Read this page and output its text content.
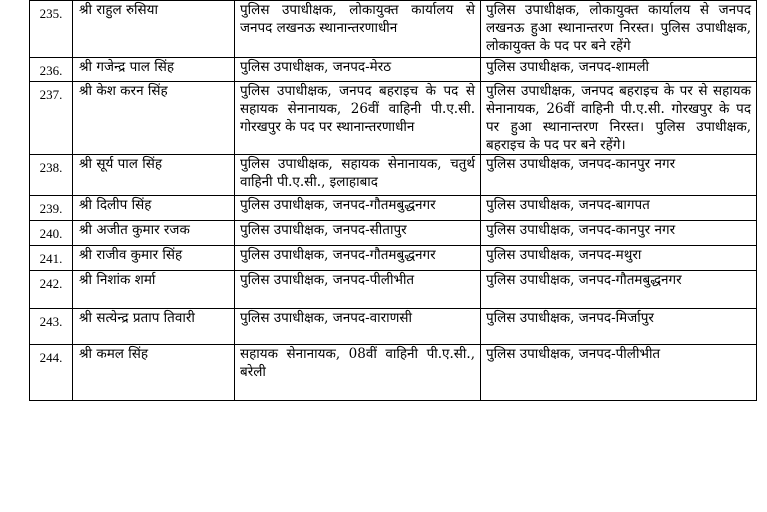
235.	श्री राहुल रुसिया	पुलिस उपाधीक्षक, लोकायुक्त कार्यालय से जनपद लखनऊ स्थानान्तरणाधीन	पुलिस उपाधीक्षक, लोकायुक्त कार्यालय से जनपद लखनऊ हुआ स्थानान्तरण निरस्त। पुलिस उपाधीक्षक, लोकायुक्त के पद पर बने रहेंगे
236.	श्री गजेन्द्र पाल सिंह	पुलिस उपाधीक्षक, जनपद-मेरठ	पुलिस उपाधीक्षक, जनपद-शामली
237.	श्री केश करन सिंह	पुलिस उपाधीक्षक, जनपद बहराइच के पद से सहायक सेनानायक, 26वीं वाहिनी पी.ए.सी. गोरखपुर के पद पर स्थानान्तरणाधीन	पुलिस उपाधीक्षक, जनपद बहराइच के पर से सहायक सेनानायक, 26वीं वाहिनी पी.ए.सी. गोरखपुर के पद पर हुआ स्थानान्तरण निरस्त। पुलिस उपाधीक्षक, बहराइच के पद पर बने रहेंगे।
238.	श्री सूर्य पाल सिंह	पुलिस उपाधीक्षक, सहायक सेनानायक, चतुर्थ वाहिनी पी.ए.सी., इलाहाबाद	पुलिस उपाधीक्षक, जनपद-कानपुर नगर
239.	श्री दिलीप सिंह	पुलिस उपाधीक्षक, जनपद-गौतमबुद्धनगर	पुलिस उपाधीक्षक, जनपद-बागपत
240.	श्री अजीत कुमार रजक	पुलिस उपाधीक्षक, जनपद-सीतापुर	पुलिस उपाधीक्षक, जनपद-कानपुर नगर
241.	श्री राजीव कुमार सिंह	पुलिस उपाधीक्षक, जनपद-गौतमबुद्धनगर	पुलिस उपाधीक्षक, जनपद-मथुरा
242.	श्री निशांक शर्मा	पुलिस उपाधीक्षक, जनपद-पीलीभीत	पुलिस उपाधीक्षक, जनपद-गौतमबुद्धनगर
243.	श्री सत्येन्द्र प्रताप तिवारी	पुलिस उपाधीक्षक, जनपद-वाराणसी	पुलिस उपाधीक्षक, जनपद-मिर्जापुर
244.	श्री कमल सिंह	सहायक सेनानायक, 08वीं वाहिनी पी.ए.सी., बरेली	पुलिस उपाधीक्षक, जनपद-पीलीभीत
